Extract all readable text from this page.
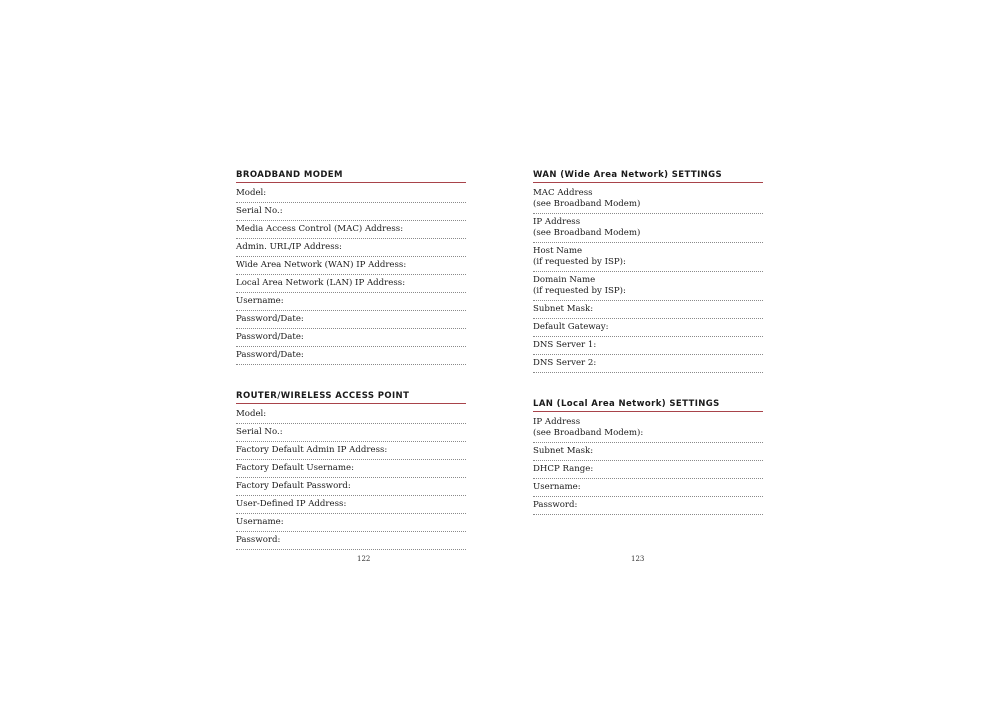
BROADBAND MODEM
Model:
Serial No.:
Media Access Control (MAC) Address:
Admin. URL/IP Address:
Wide Area Network (WAN) IP Address:
Local Area Network (LAN) IP Address:
Username:
Password/Date:
Password/Date:
Password/Date:
ROUTER/WIRELESS ACCESS POINT
Model:
Serial No.:
Factory Default Admin IP Address:
Factory Default Username:
Factory Default Password:
User-Defined IP Address:
Username:
Password:
WAN (Wide Area Network) SETTINGS
MAC Address
(see Broadband Modem)
IP Address
(see Broadband Modem)
Host Name
(if requested by ISP):
Domain Name
(if requested by ISP):
Subnet Mask:
Default Gateway:
DNS Server 1:
DNS Server 2:
LAN (Local Area Network) SETTINGS
IP Address
(see Broadband Modem):
Subnet Mask:
DHCP Range:
Username:
Password:
122	123
